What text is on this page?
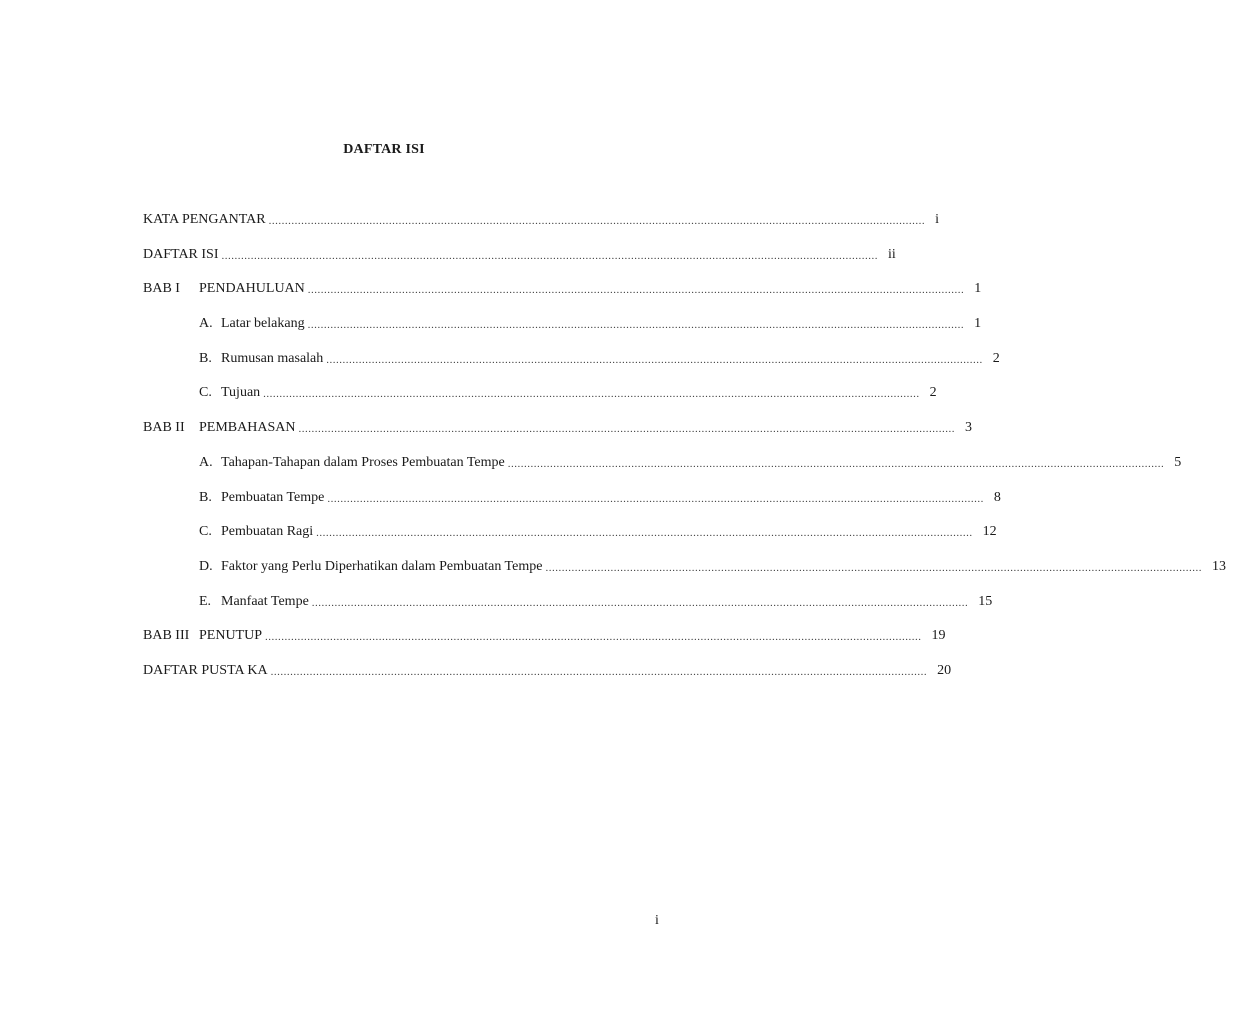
DAFTAR ISI
KATA PENGANTAR .......................................................................................................................................................................................................... i
DAFTAR ISI .......................................................................................................................................................................................................... ii
BAB I	PENDAHULUAN .......................................................................................................................................................................................................... 1
A. Latar belakang .......................................................................................................................................................................................................... 1
B. Rumusan masalah .......................................................................................................................................................................................................... 2
C. Tujuan .......................................................................................................................................................................................................... 2
BAB II	PEMBAHASAN .......................................................................................................................................................................................................... 3
A. Tahapan-Tahapan dalam Proses Pembuatan Tempe .......................................................................................................................................................................................................... 5
B. Pembuatan Tempe .......................................................................................................................................................................................................... 8
C. Pembuatan Ragi .......................................................................................................................................................................................................... 12
D. Faktor yang Perlu Diperhatikan dalam Pembuatan Tempe .......................................................................................................................................................................................................... 13
E. Manfaat Tempe .......................................................................................................................................................................................................... 15
BAB III PENUTUP .......................................................................................................................................................................................................... 19
DAFTAR PUSTA KA .......................................................................................................................................................................................................... 20
i
